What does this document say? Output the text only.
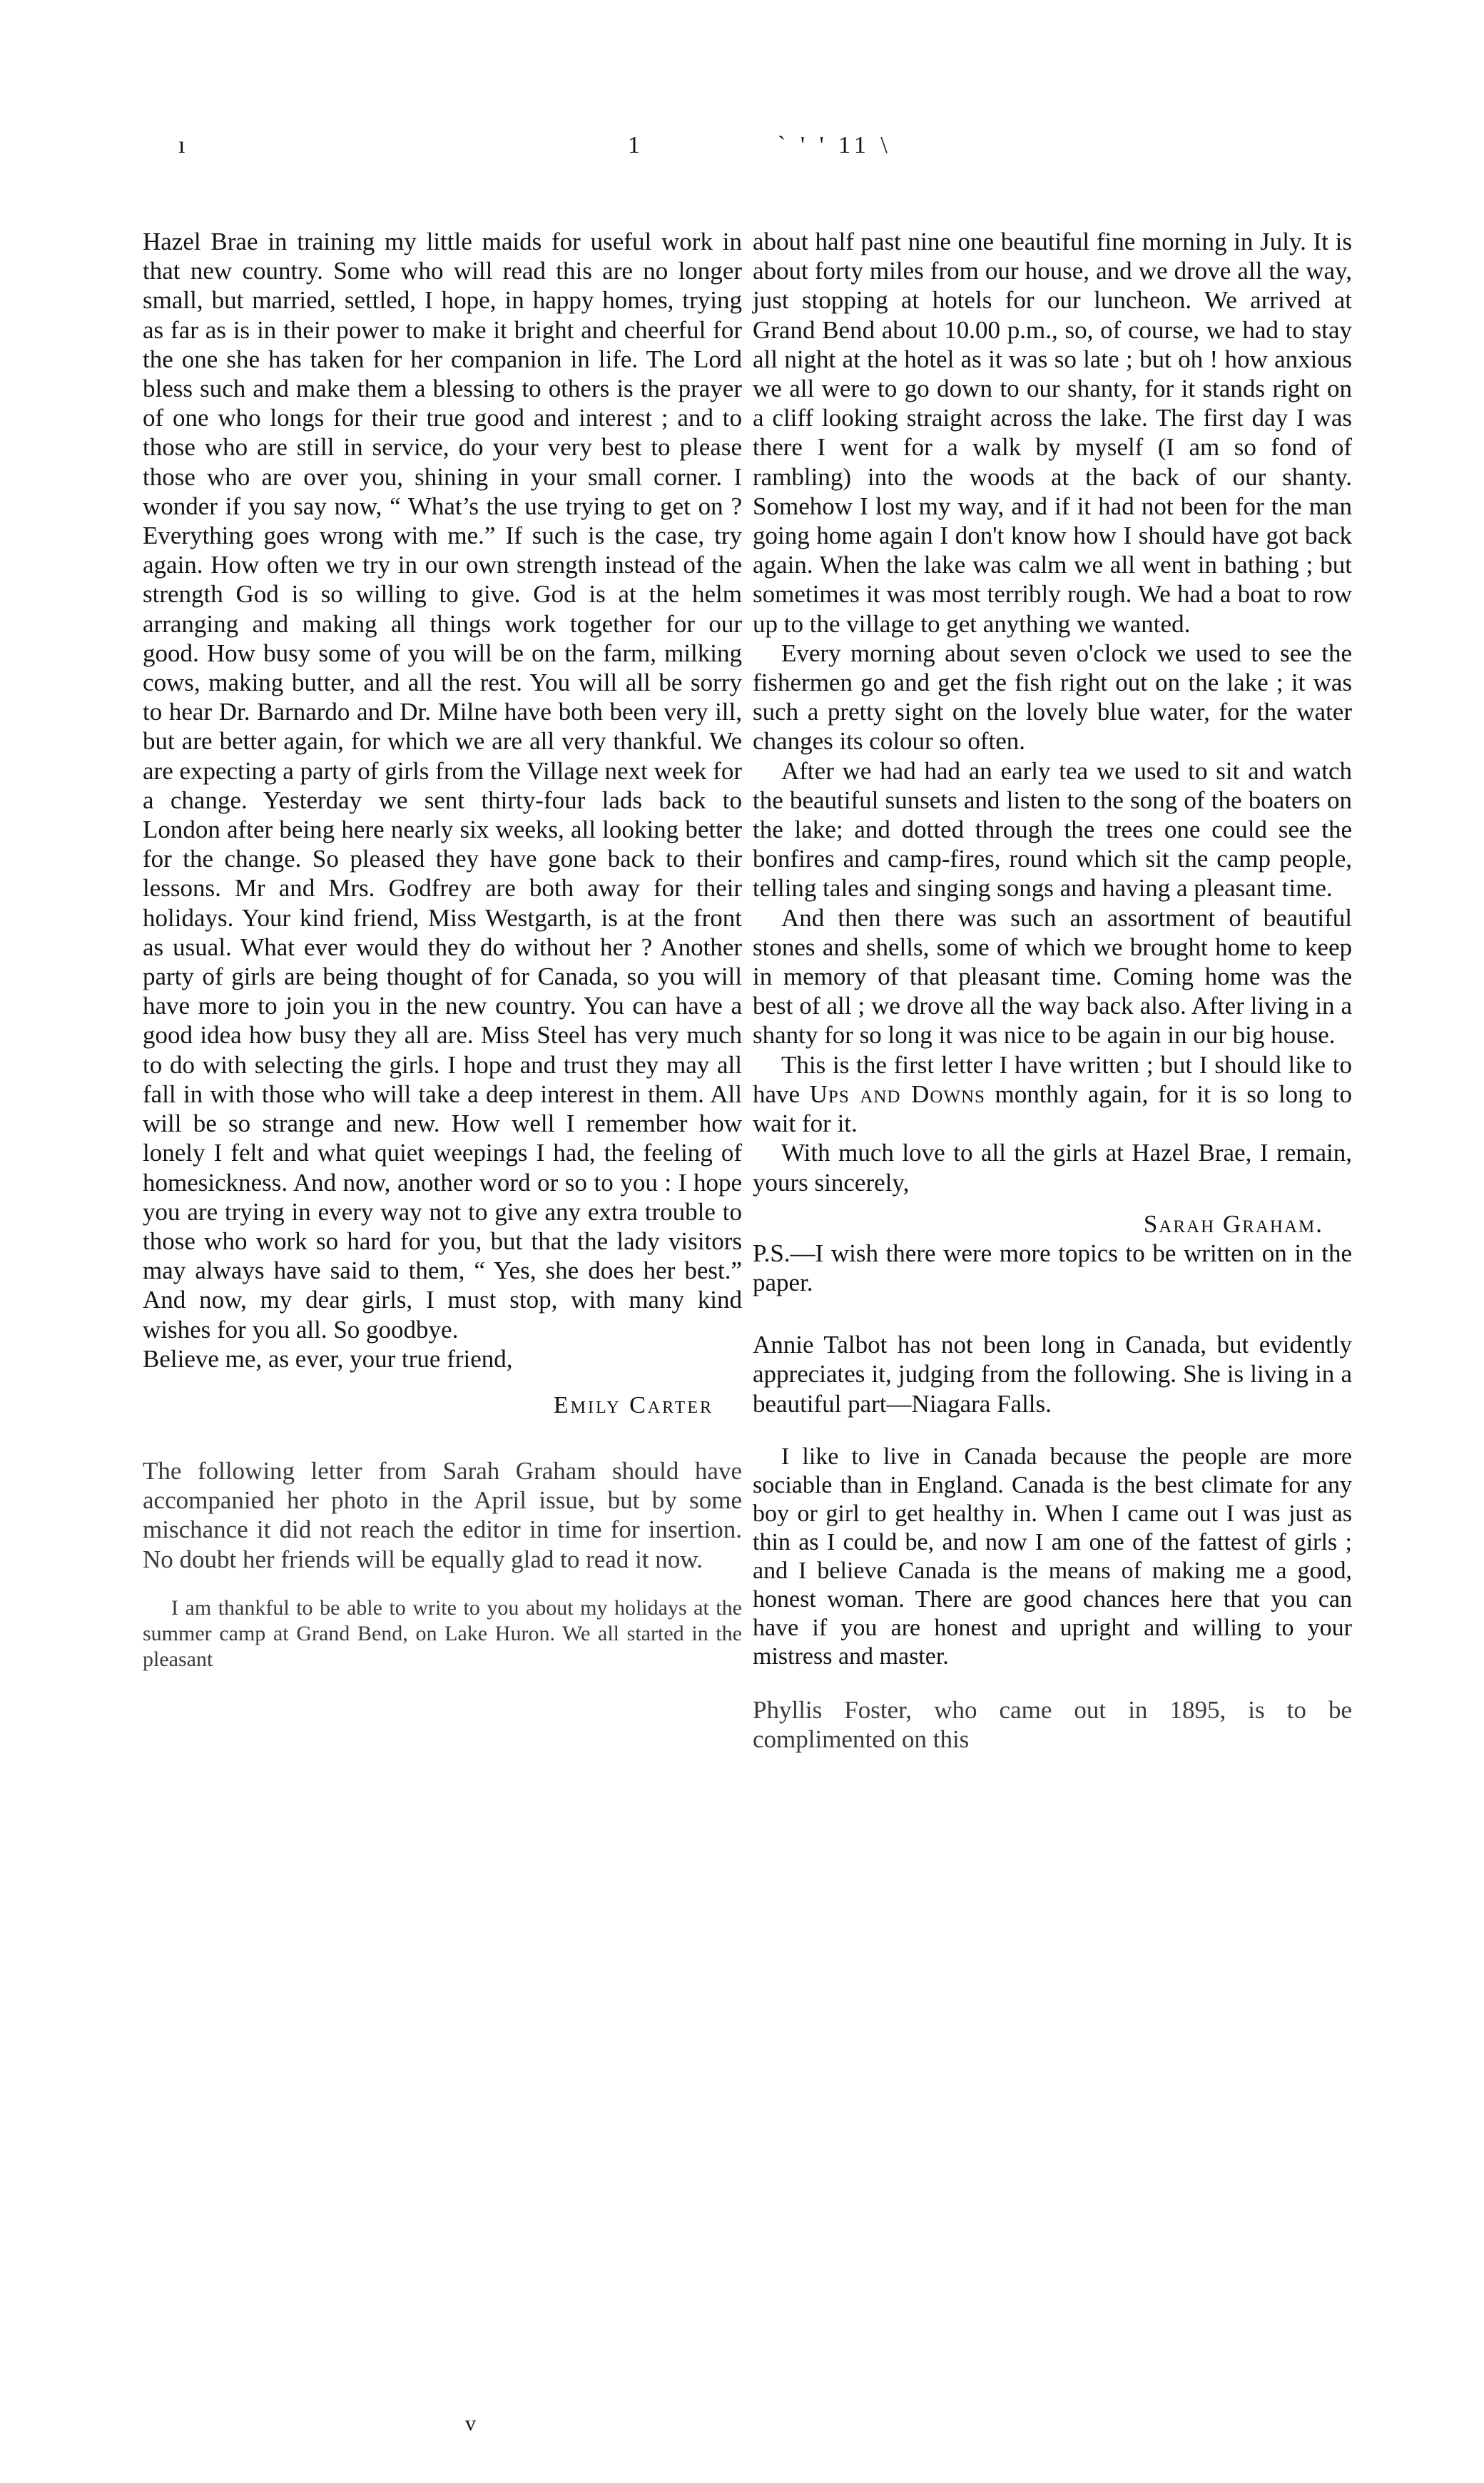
ı	1	` ' ' 11 \

Hazel Brae in training my little maids for useful work in that new country. Some who will read this are no longer small, but married, settled, I hope, in happy homes, trying as far as is in their power to make it bright and cheerful for the one she has taken for her companion in life. The Lord bless such and make them a blessing to others is the prayer of one who longs for their true good and interest ; and to those who are still in service, do your very best to please those who are over you, shining in your small corner. I wonder if you say now, “ What’s the use trying to get on ? Everything goes wrong with me.” If such is the case, try again. How often we try in our own strength instead of the strength God is so willing to give. God is at the helm arranging and making all things work together for our good. How busy some of you will be on the farm, milking cows, making butter, and all the rest. You will all be sorry to hear Dr. Barnardo and Dr. Milne have both been very ill, but are better again, for which we are all very thankful. We are expecting a party of girls from the Village next week for a change. Yesterday we sent thirty-four lads back to London after being here nearly six weeks, all looking better for the change. So pleased they have gone back to their lessons. Mr and Mrs. Godfrey are both away for their holidays. Your kind friend, Miss Westgarth, is at the front as usual. What ever would they do without her ? Another party of girls are being thought of for Canada, so you will have more to join you in the new country. You can have a good idea how busy they all are. Miss Steel has very much to do with selecting the girls. I hope and trust they may all fall in with those who will take a deep interest in them. All will be so strange and new. How well I remember how lonely I felt and what quiet weepings I had, the feeling of homesickness. And now, another word or so to you : I hope you are trying in every way not to give any extra trouble to those who work so hard for you, but that the lady visitors may always have said to them, “ Yes, she does her best.” And now, my dear girls, I must stop, with many kind wishes for you all. So goodbye.

Believe me, as ever, your true friend,

Emily Carter

The following letter from Sarah Graham should have accompanied her photo in the April issue, but by some mischance it did not reach the editor in time for insertion. No doubt her friends will be equally glad to read it now.

I am thankful to be able to write to you about my holidays at the summer camp at Grand Bend, on Lake Huron. We all started in the pleasant

about half past nine one beautiful fine morning in July. It is about forty miles from our house, and we drove all the way, just stopping at hotels for our luncheon. We arrived at Grand Bend about 10.00 p.m., so, of course, we had to stay all night at the hotel as it was so late ; but oh ! how anxious we all were to go down to our shanty, for it stands right on a cliff looking straight across the lake. The first day I was there I went for a walk by myself (I am so fond of rambling) into the woods at the back of our shanty. Somehow I lost my way, and if it had not been for the man going home again I don't know how I should have got back again. When the lake was calm we all went in bathing ; but sometimes it was most terribly rough. We had a boat to row up to the village to get anything we wanted.

Every morning about seven o'clock we used to see the fishermen go and get the fish right out on the lake ; it was such a pretty sight on the lovely blue water, for the water changes its colour so often.

After we had had an early tea we used to sit and watch the beautiful sunsets and listen to the song of the boaters on the lake; and dotted through the trees one could see the bonfires and camp-fires, round which sit the camp people, telling tales and singing songs and having a pleasant time.

And then there was such an assortment of beautiful stones and shells, some of which we brought home to keep in memory of that pleasant time. Coming home was the best of all ; we drove all the way back also. After living in a shanty for so long it was nice to be again in our big house.

This is the first letter I have written ; but I should like to have Ups and Downs monthly again, for it is so long to wait for it.

With much love to all the girls at Hazel Brae, I remain, yours sincerely,

Sarah Graham.

P.S.—I wish there were more topics to be written on in the paper.

Annie Talbot has not been long in Canada, but evidently appreciates it, judging from the following. She is living in a beautiful part—Niagara Falls.

I like to live in Canada because the people are more sociable than in England. Canada is the best climate for any boy or girl to get healthy in. When I came out I was just as thin as I could be, and now I am one of the fattest of girls ; and I believe Canada is the means of making me a good, honest woman. There are good chances here that you can have if you are honest and upright and willing to your mistress and master.

Phyllis Foster, who came out in 1895, is to be complimented on this

v
